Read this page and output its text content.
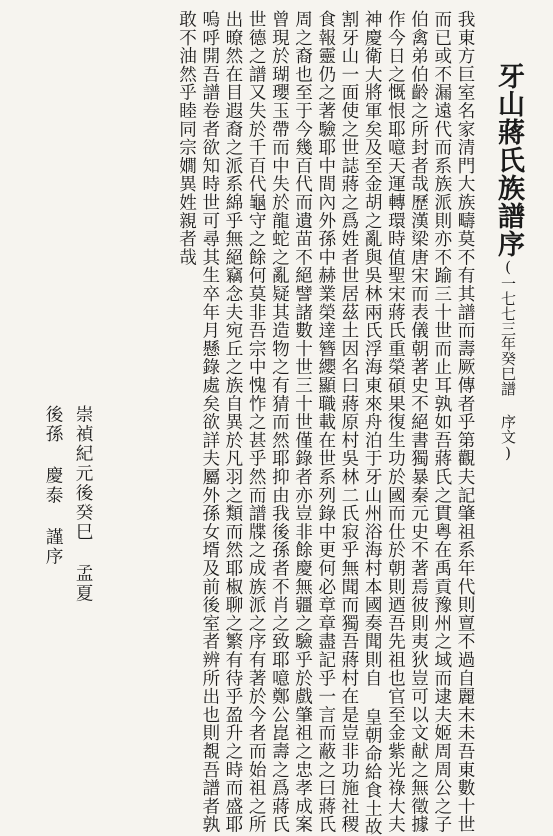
牙山蔣氏族譜序(一七七三年癸巳譜 序文)
我東方巨室名家清門大族疇莫不有其譜而壽厥傳者乎第觀夫記肇祖系年代則亶不過自麗末未吾東數十世
而已或不漏遠代而系族派則亦不踰三十世而止耳孰如吾蔣氏之貫粤在禹貢豫州之域而逮夫姬周周公之子
伯禽弟伯齡之所封者哉歷漢梁唐宋而表儀朝著史不絕書獨暴秦元史不著焉彼則夷狄豈可以文献之無徵據
作今日之慨恨耶噫天運轉環時值聖宋蔣氏重榮碩果復生功於國而仕於朝則迺吾先祖也官至金紫光祿大夫
神慶衛大將軍矣及至金胡之亂與吳林兩氏浮海東來舟泊于牙山州浴海村本國奏聞則自 皇朝命給食土故
割牙山一面使之世誌蔣之爲姓者世居茲土因名曰蔣原村吳林二氏寂乎無聞而獨吾蔣村在是豈非功施社稷
食報靈仍之著驗耶中間內外孫中赫業榮達簪纓顯職載在世系列錄中更何必章章盡記乎一言而蔽之曰蔣氏
周之裔也至于今幾百代而遺苗不絕譬諸數十世三十世僅錄者亦豈非餘慶無疆之驗乎於戲肇祖之忠孝成案
曾現於瑚瓔玉帶而中失於龍蛇之亂疑其造物之有猜而然耶抑由我後孫者不肖之致耶噫鄭公崑壽之爲蔣氏
世德之譜又失於千百代龜守之餘何莫非吾宗中愧怍之甚乎然而譜牒之成族派之序有著於今者而始祖之所
出暸然在目遐裔之派系綿乎無絕竊念夫宛丘之族自異於凡羽之類而然耶椒聊之繁有待乎盈升之時而盛耶
嗚呼開吾譜卷者欲知時世可尋其生卒年月懸錄處矣欲詳夫屬外孫女壻及前後室者辨所出也則覩吾譜者孰
敢不油然乎睦同宗嫺異姓親者哉
崇禎紀元後癸巳 孟夏
後孫 慶泰 謹序
